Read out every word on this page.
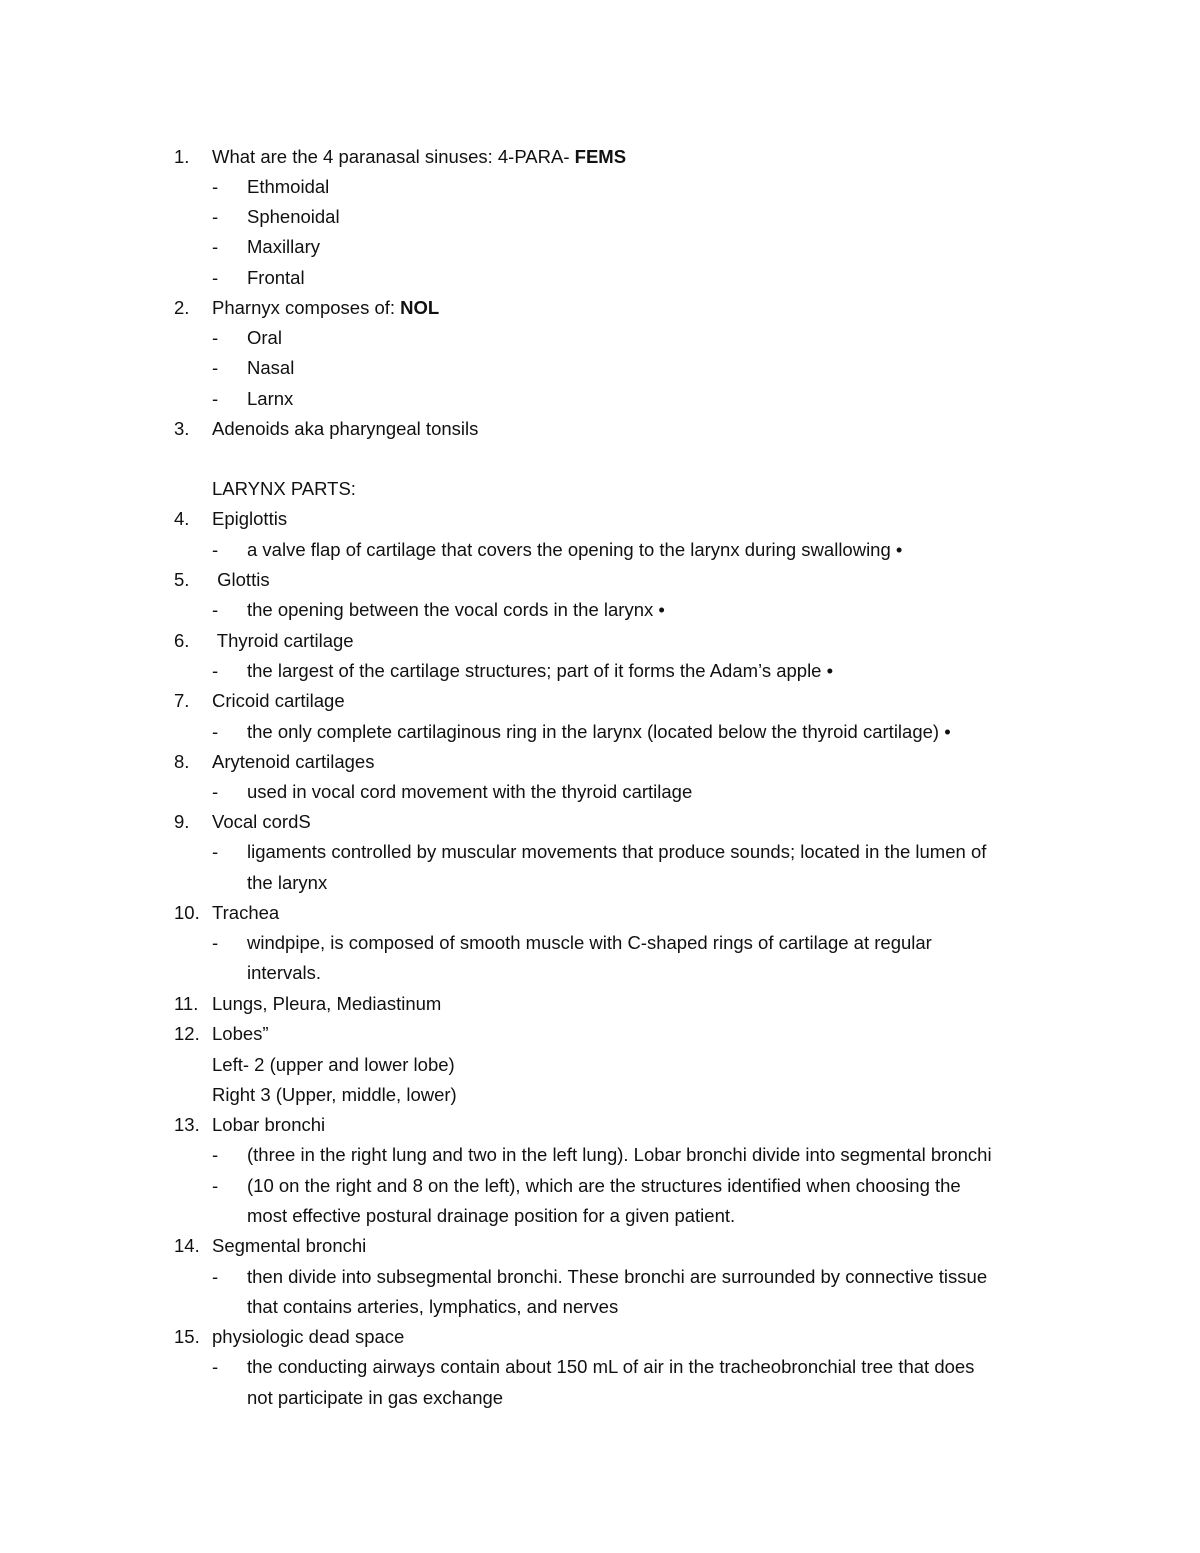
1. What are the 4 paranasal sinuses: 4-PARA- FEMS
- Ethmoidal
- Sphenoidal
- Maxillary
- Frontal
2. Pharnyx composes of: NOL
- Oral
- Nasal
- Larnx
3. Adenoids aka pharyngeal tonsils
LARYNX PARTS:
4. Epiglottis
- a valve flap of cartilage that covers the opening to the larynx during swallowing •
5. Glottis
- the opening between the vocal cords in the larynx •
6. Thyroid cartilage
- the largest of the cartilage structures; part of it forms the Adam’s apple •
7. Cricoid cartilage
- the only complete cartilaginous ring in the larynx (located below the thyroid cartilage) •
8. Arytenoid cartilages
- used in vocal cord movement with the thyroid cartilage
9. Vocal cordS
- ligaments controlled by muscular movements that produce sounds; located in the lumen of
the larynx
10. Trachea
- windpipe, is composed of smooth muscle with C-shaped rings of cartilage at regular
intervals.
11. Lungs, Pleura, Mediastinum
12. Lobes”
Left- 2 (upper and lower lobe)
Right 3 (Upper, middle, lower)
13. Lobar bronchi
- (three in the right lung and two in the left lung). Lobar bronchi divide into segmental bronchi
- (10 on the right and 8 on the left), which are the structures identified when choosing the
most effective postural drainage position for a given patient.
14. Segmental bronchi
- then divide into subsegmental bronchi. These bronchi are surrounded by connective tissue
that contains arteries, lymphatics, and nerves
15. physiologic dead space
- the conducting airways contain about 150 mL of air in the tracheobronchial tree that does
not participate in gas exchange
